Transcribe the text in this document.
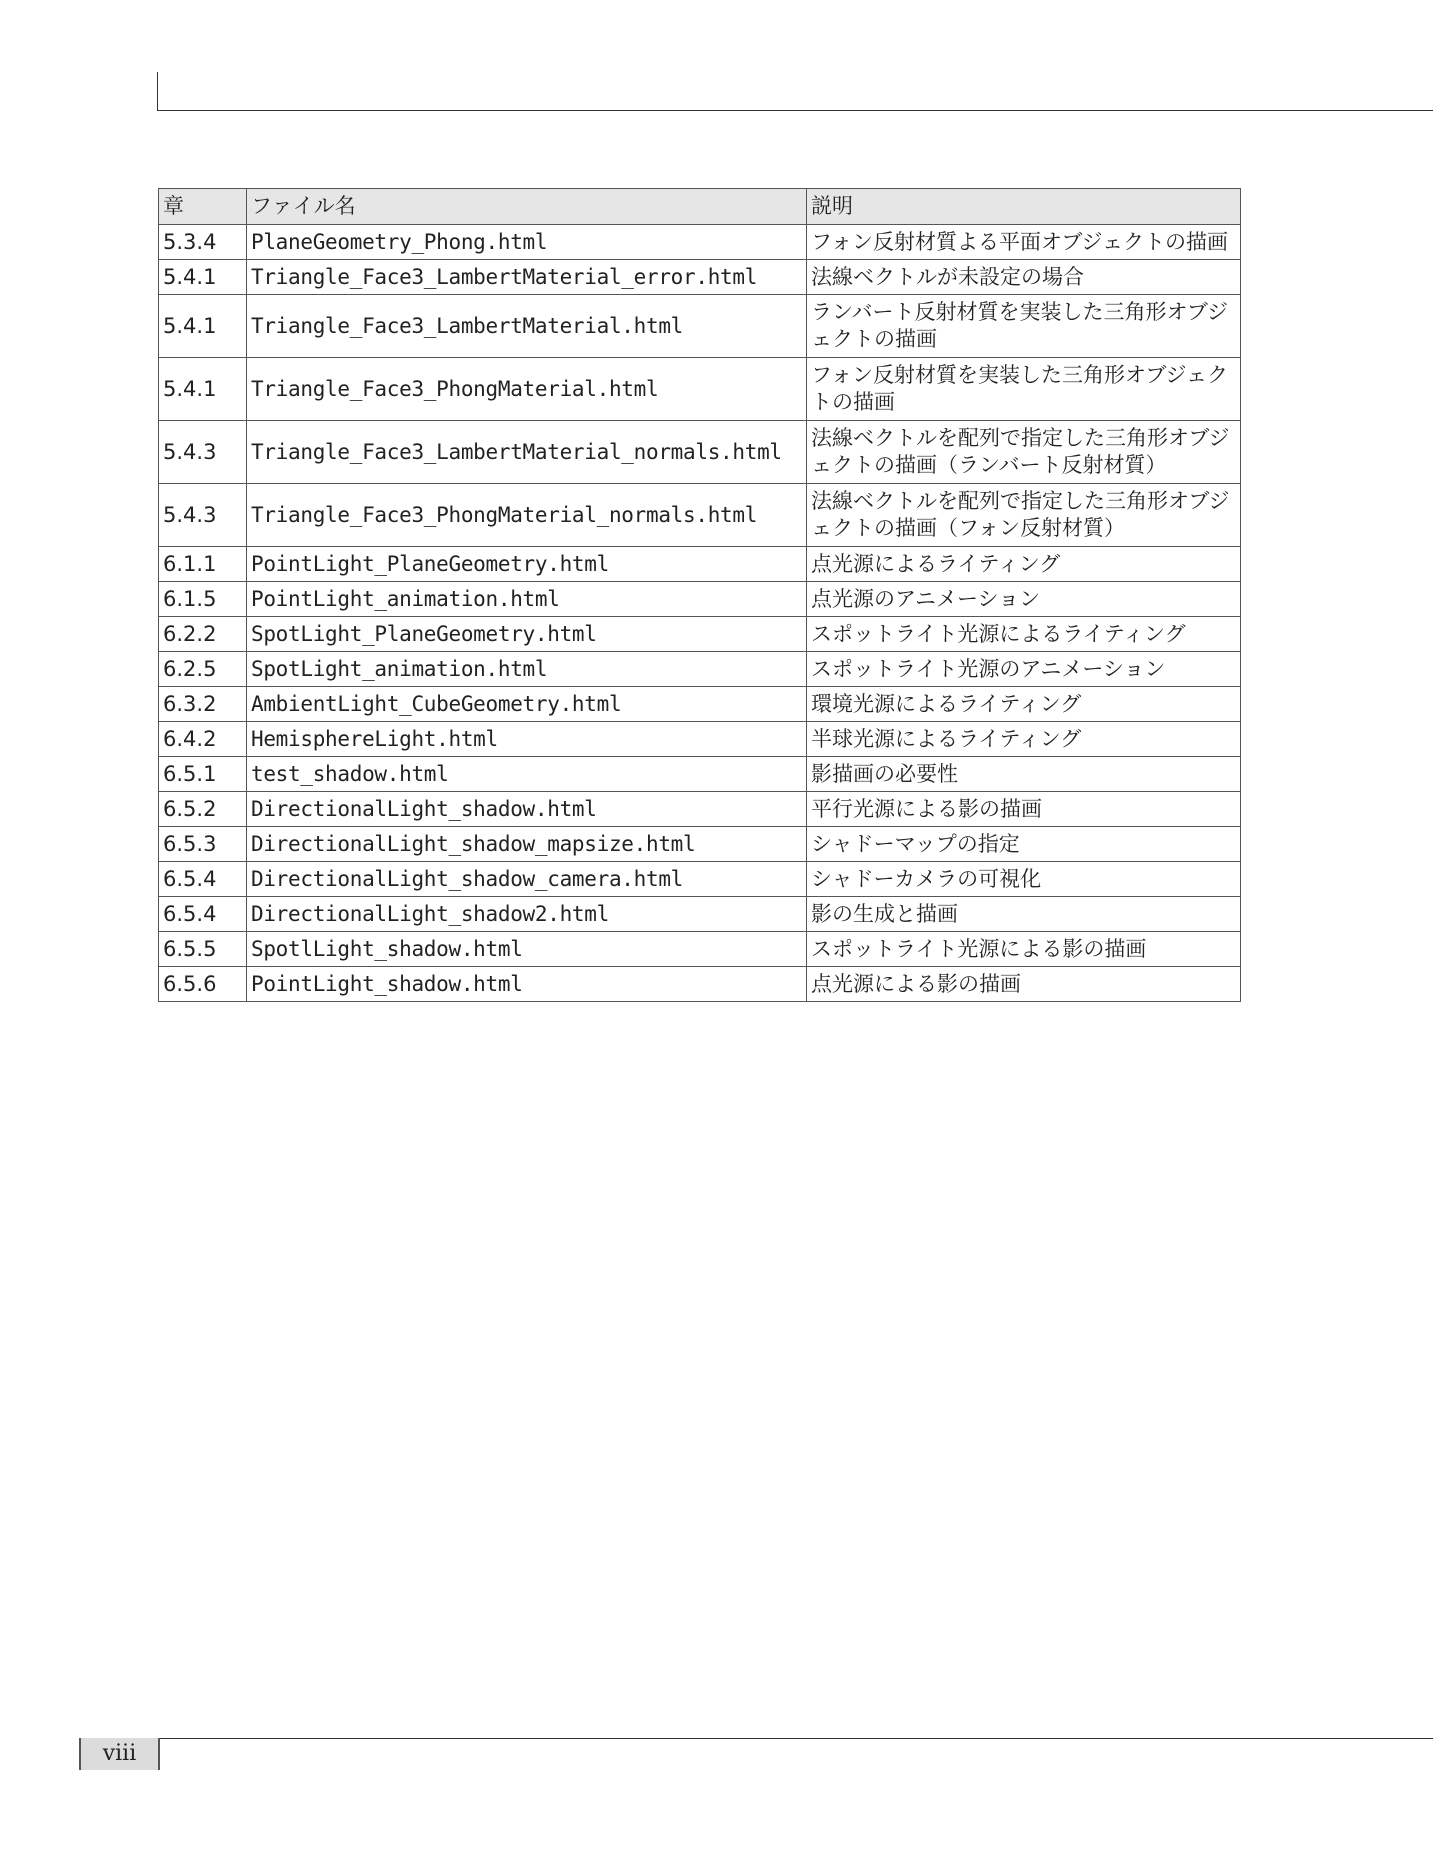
章	ファイル名	説明
5.3.4	PlaneGeometry_Phong.html	フォン反射材質よる平面オブジェクトの描画
5.4.1	Triangle_Face3_LambertMaterial_error.html	法線ベクトルが未設定の場合
5.4.1	Triangle_Face3_LambertMaterial.html	ランバート反射材質を実装した三角形オブジェクトの描画
5.4.1	Triangle_Face3_PhongMaterial.html	フォン反射材質を実装した三角形オブジェクトの描画
5.4.3	Triangle_Face3_LambertMaterial_normals.html	法線ベクトルを配列で指定した三角形オブジェクトの描画（ランバート反射材質）
5.4.3	Triangle_Face3_PhongMaterial_normals.html	法線ベクトルを配列で指定した三角形オブジェクトの描画（フォン反射材質）
6.1.1	PointLight_PlaneGeometry.html	点光源によるライティング
6.1.5	PointLight_animation.html	点光源のアニメーション
6.2.2	SpotLight_PlaneGeometry.html	スポットライト光源によるライティング
6.2.5	SpotLight_animation.html	スポットライト光源のアニメーション
6.3.2	AmbientLight_CubeGeometry.html	環境光源によるライティング
6.4.2	HemisphereLight.html	半球光源によるライティング
6.5.1	test_shadow.html	影描画の必要性
6.5.2	DirectionalLight_shadow.html	平行光源による影の描画
6.5.3	DirectionalLight_shadow_mapsize.html	シャドーマップの指定
6.5.4	DirectionalLight_shadow_camera.html	シャドーカメラの可視化
6.5.4	DirectionalLight_shadow2.html	影の生成と描画
6.5.5	SpotlLight_shadow.html	スポットライト光源による影の描画
6.5.6	PointLight_shadow.html	点光源による影の描画
viii
